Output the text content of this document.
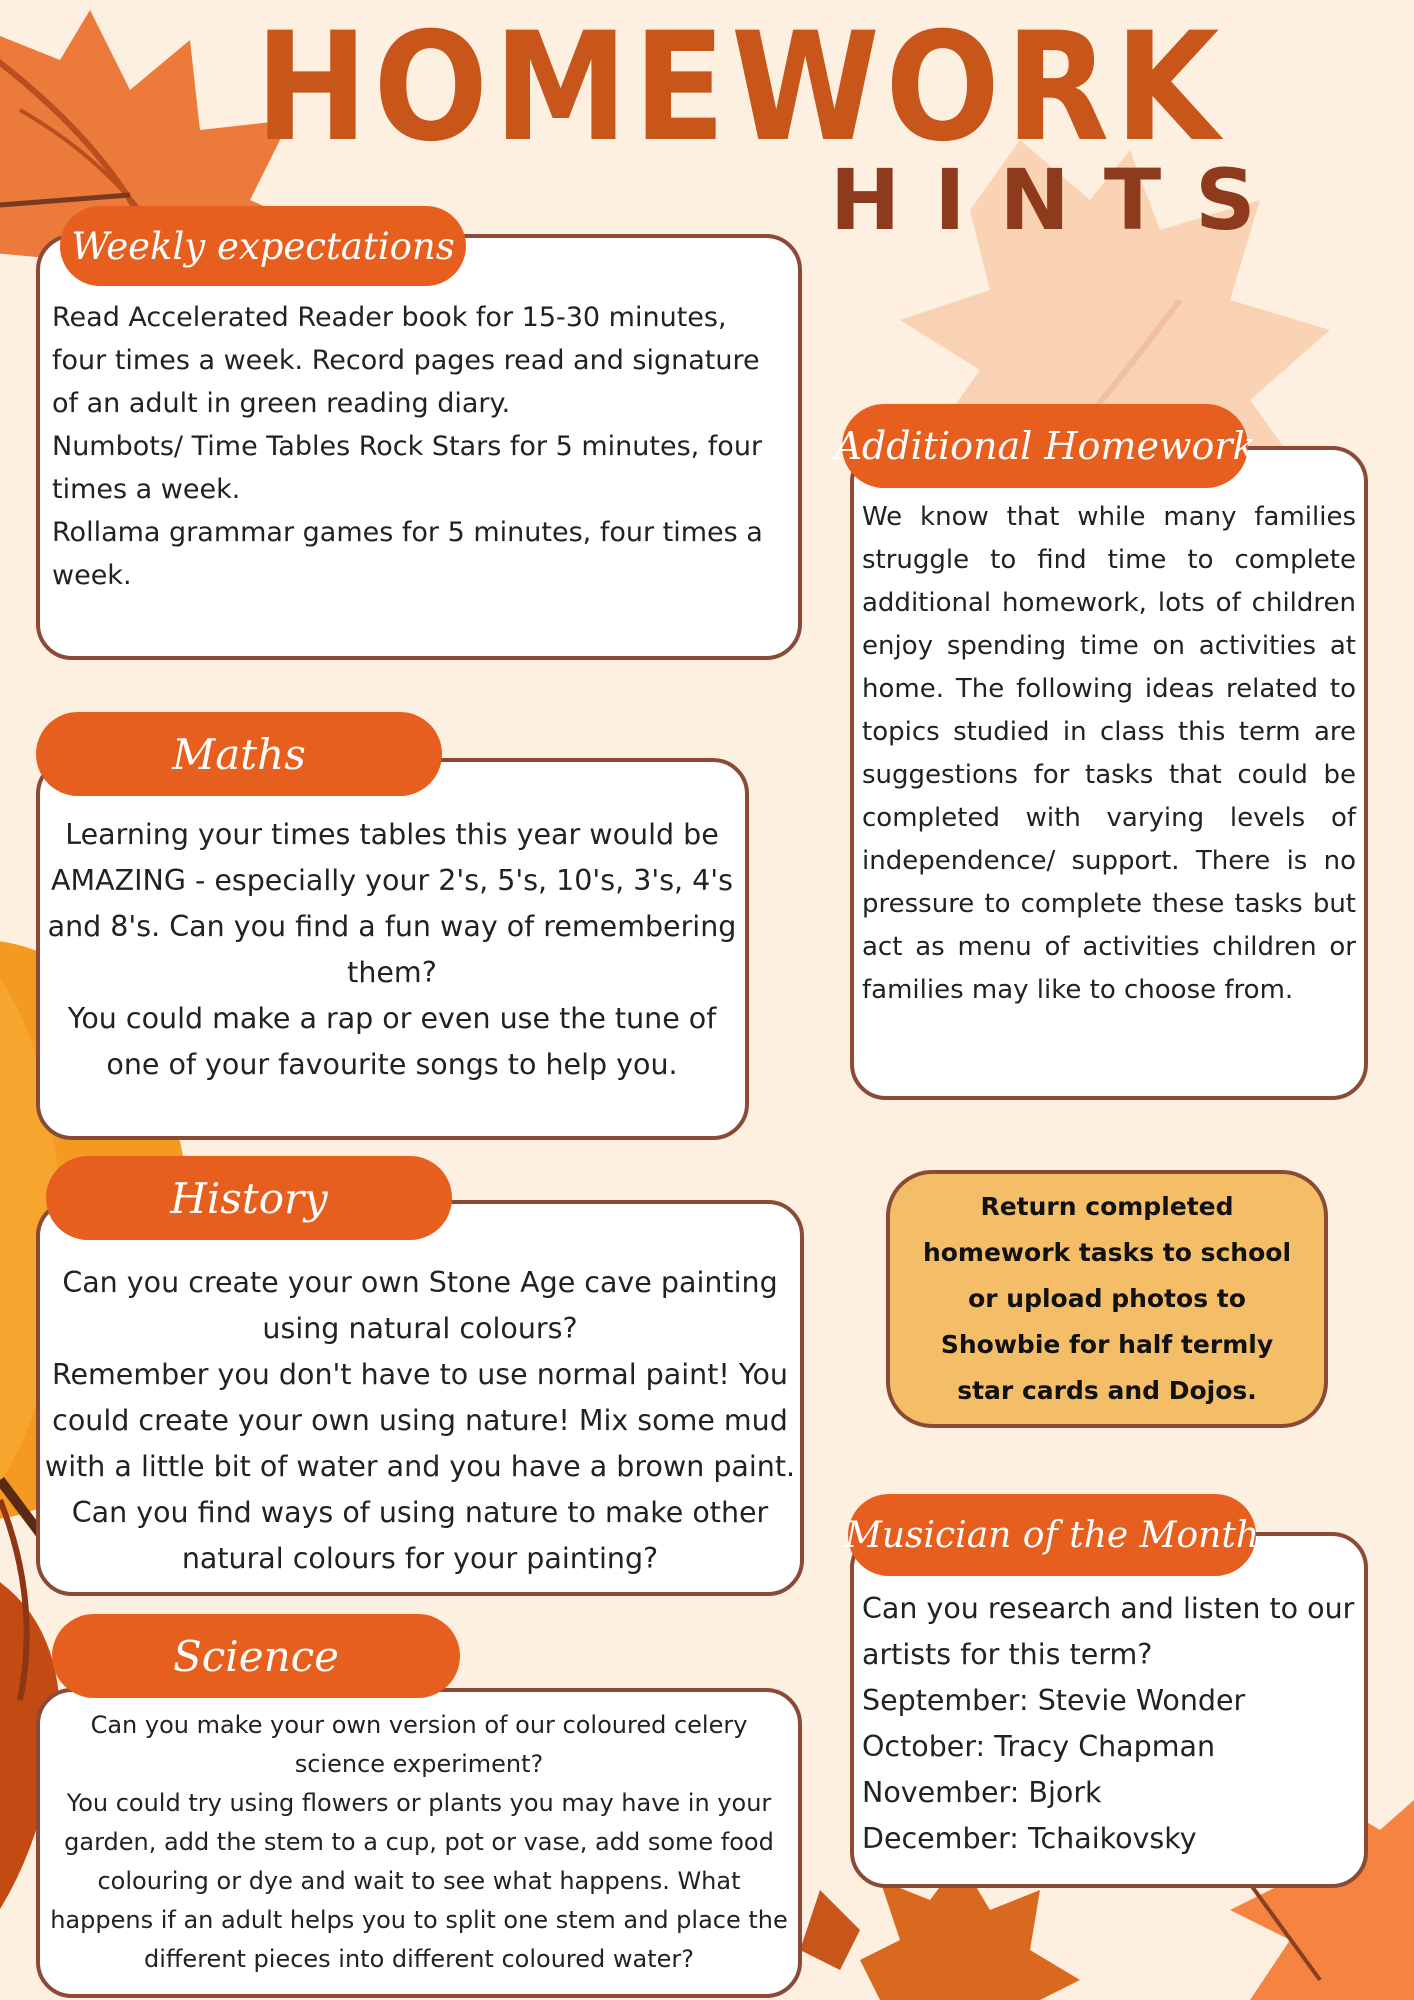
HOMEWORK
HINTS
Weekly expectations

Read Accelerated Reader book for 15-30 minutes, four times a week. Record pages read and signature of an adult in green reading diary.

Numbots/ Time Tables Rock Stars for 5 minutes, four times a week.

Rollama grammar games for 5 minutes, four times a week.

Maths

Learning your times tables this year would be AMAZING - especially your 2's, 5's, 10's, 3's, 4's and 8's. Can you find a fun way of remembering them?

You could make a rap or even use the tune of one of your favourite songs to help you.

History

Can you create your own Stone Age cave painting using natural colours?

Remember you don't have to use normal paint! You could create your own using nature! Mix some mud with a little bit of water and you have a brown paint. Can you find ways of using nature to make other natural colours for your painting?

Science

Can you make your own version of our coloured celery science experiment?

You could try using flowers or plants you may have in your garden, add the stem to a cup, pot or vase, add some food colouring or dye and wait to see what happens. What happens if an adult helps you to split one stem and place the different pieces into different coloured water?

Additional Homework
We know that while many families struggle to find time to complete additional homework, lots of children enjoy spending time on activities at home. The following ideas related to topics studied in class this term are suggestions for tasks that could be completed with varying levels of independence/ support. There is no pressure to complete these tasks but act as menu of activities children or families may like to choose from.

Return completed homework tasks to school or upload photos to Showbie for half termly star cards and Dojos.

Musician of the Month

Can you research and listen to our artists for this term?

September: Stevie Wonder

October: Tracy Chapman

November: Bjork

December: Tchaikovsky
